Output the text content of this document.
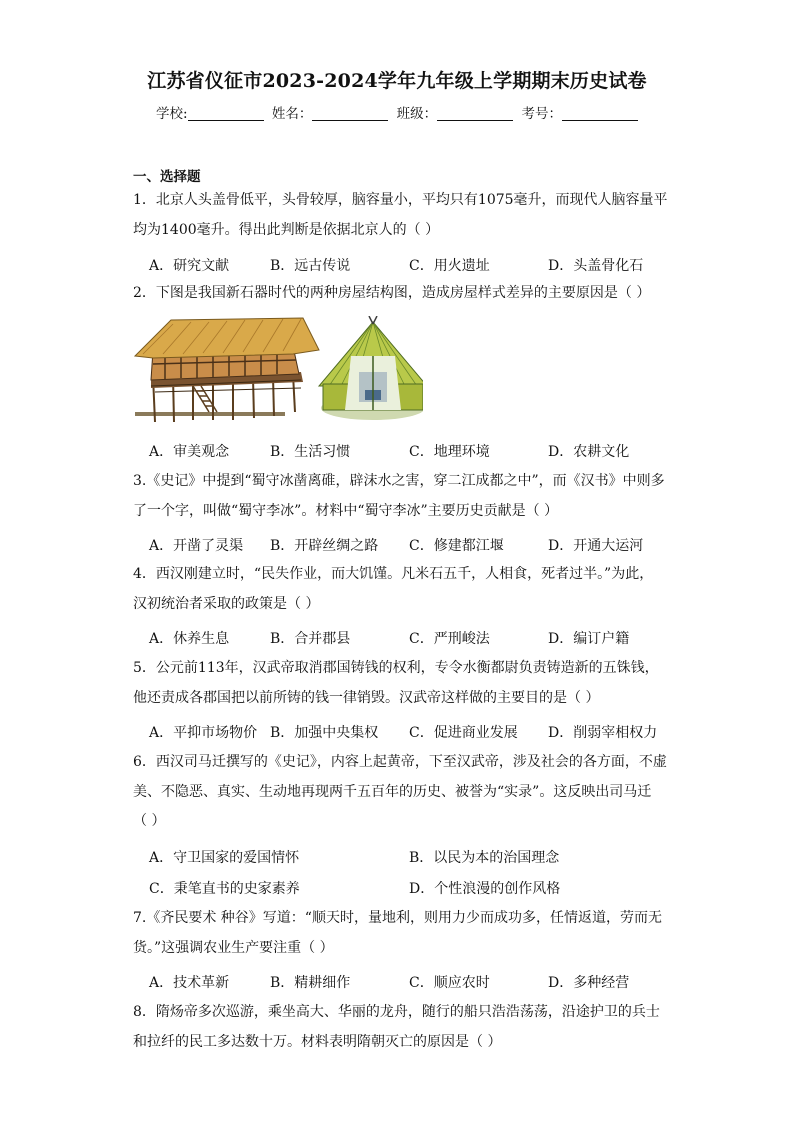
江苏省仪征市2023-2024学年九年级上学期期末历史试卷
学校:	姓名：	班级：	考号：
一、选择题
1．北京人头盖骨低平，头骨较厚，脑容量小，平均只有1075毫升，而现代人脑容量平
均为1400毫升。得出此判断是依据北京人的（ ）
A．研究文献	B．远古传说	C．用火遗址	D．头盖骨化石
2．下图是我国新石器时代的两种房屋结构图，造成房屋样式差异的主要原因是（ ）
A．审美观念	B．生活习惯	C．地理环境	D．农耕文化
3.《史记》中提到“蜀守冰凿离碓，辟沫水之害，穿二江成都之中”，而《汉书》中则多
了一个字，叫做“蜀守李冰”。材料中“蜀守李冰”主要历史贡献是（ ）
A．开凿了灵渠 B．开辟丝绸之路 C．修建都江堰	D．开通大运河
4．西汉刚建立时，“民失作业，而大饥馑。凡米石五千，人相食，死者过半。”为此，
汉初统治者采取的政策是（ ）
A．休养生息	B．合并郡县	C．严刑峻法	D．编订户籍
5．公元前113年，汉武帝取消郡国铸钱的权利，专令水衡都尉负责铸造新的五铢钱，
他还责成各郡国把以前所铸的钱一律销毁。汉武帝这样做的主要目的是（ ）
A．平抑市场物价 B．加强中央集权 C．促进商业发展 D．削弱宰相权力
6．西汉司马迁撰写的《史记》，内容上起黄帝，下至汉武帝，涉及社会的各方面，不虚
美、不隐恶、真实、生动地再现两千五百年的历史、被誉为“实录”。这反映出司马迁
（ ）
A．守卫国家的爱国情怀	B．以民为本的治国理念
C．秉笔直书的史家素养	D．个性浪漫的创作风格
7.《齐民要术 种谷》写道：“顺天时，量地利，则用力少而成功多，任情返道，劳而无
货。”这强调农业生产要注重（ ）
A．技术革新	B．精耕细作	C．顺应农时	D．多种经营
8．隋炀帝多次巡游，乘坐高大、华丽的龙舟，随行的船只浩浩荡荡，沿途护卫的兵士
和拉纤的民工多达数十万。材料表明隋朝灭亡的原因是（ ）
